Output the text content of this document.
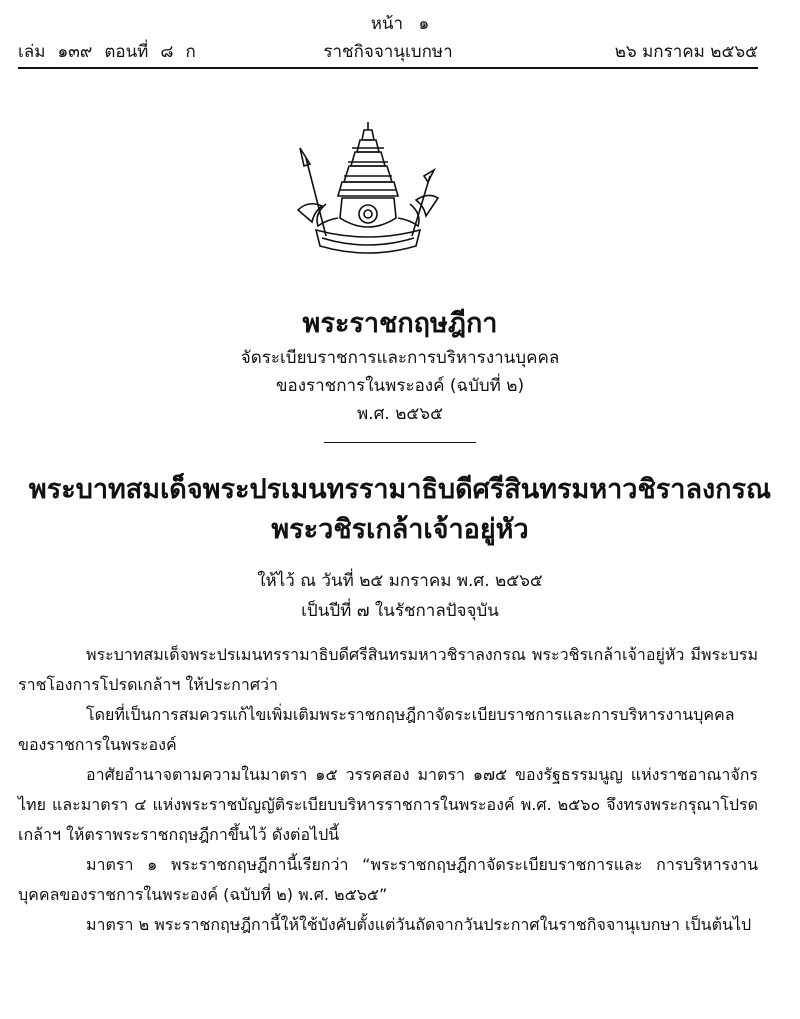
หน้า ๑
เล่ม ๑๓๙ ตอนที่ ๘ ก	ราชกิจจานุเบกษา	๒๖ มกราคม ๒๕๖๕

พระราชกฤษฎีกา

จัดระเบียบราชการและการบริหารงานบุคคล

ของราชการในพระองค์ (ฉบับที่ ๒)

พ.ศ. ๒๕๖๕

พระบาทสมเด็จพระปรเมนทรรามาธิบดีศรีสินทรมหาวชิราลงกรณ

พระวชิรเกล้าเจ้าอยู่หัว

ให้ไว้ ณ วันที่ ๒๕ มกราคม พ.ศ. ๒๕๖๕

เป็นปีที่ ๗ ในรัชกาลปัจจุบัน

พระบาทสมเด็จพระปรเมนทรรามาธิบดีศรีสินทรมหาวชิราลงกรณ พระวชิรเกล้าเจ้าอยู่หัว มีพระบรมราชโองการโปรดเกล้าฯ ให้ประกาศว่า

โดยที่เป็นการสมควรแก้ไขเพิ่มเติมพระราชกฤษฎีกาจัดระเบียบราชการและการบริหารงานบุคคล ของราชการในพระองค์

อาศัยอำนาจตามความในมาตรา ๑๕ วรรคสอง มาตรา ๑๗๕ ของรัฐธรรมนูญ แห่งราชอาณาจักรไทย และมาตรา ๔ แห่งพระราชบัญญัติระเบียบบริหารราชการในพระองค์ พ.ศ. ๒๕๖๐ จึงทรงพระกรุณาโปรดเกล้าฯ ให้ตราพระราชกฤษฎีกาขึ้นไว้ ดังต่อไปนี้

มาตรา ๑ พระราชกฤษฎีกานี้เรียกว่า “พระราชกฤษฎีกาจัดระเบียบราชการและ การบริหารงานบุคคลของราชการในพระองค์ (ฉบับที่ ๒) พ.ศ. ๒๕๖๕”

มาตรา ๒ พระราชกฤษฎีกานี้ให้ใช้บังคับตั้งแต่วันถัดจากวันประกาศในราชกิจจานุเบกษา เป็นต้นไป
